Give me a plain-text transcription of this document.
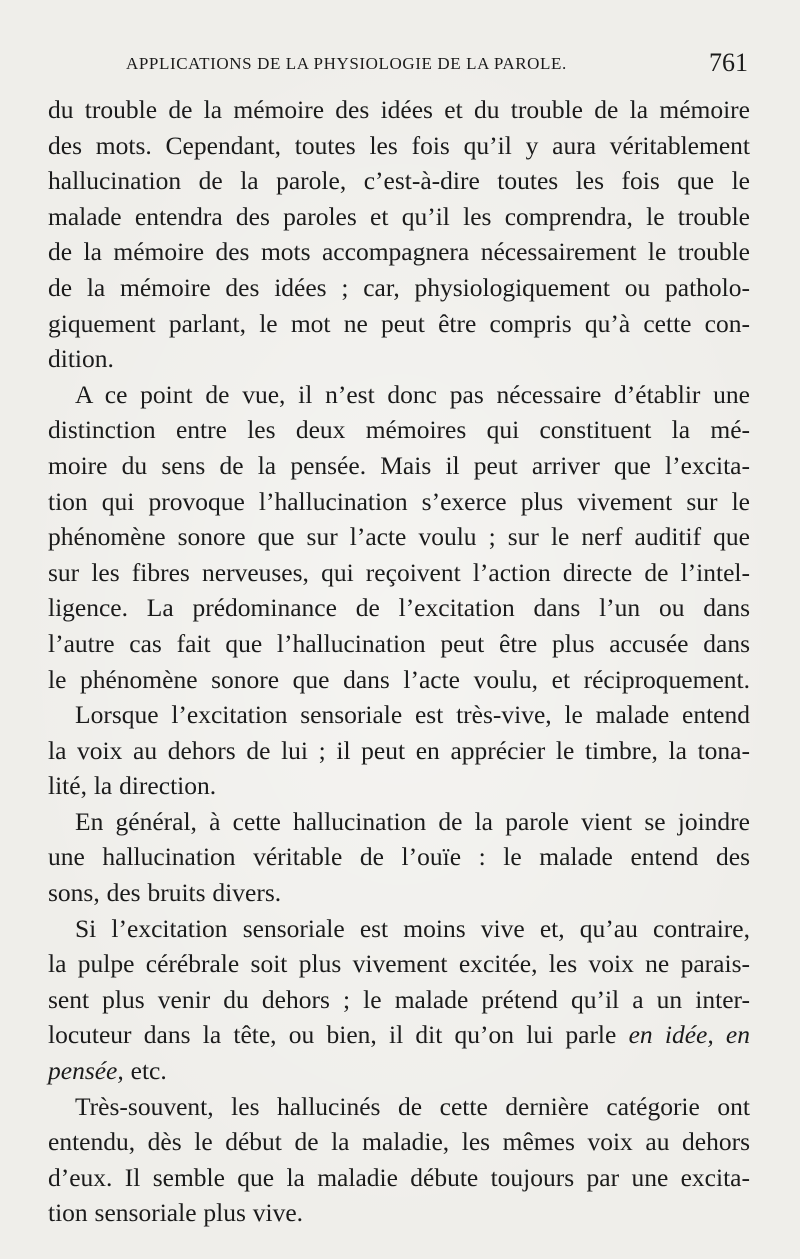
APPLICATIONS DE LA PHYSIOLOGIE DE LA PAROLE.	761

du trouble de la mémoire des idées et du trouble de la mémoire
des mots. Cependant, toutes les fois qu’il y aura véritablement
hallucination de la parole, c’est-à-dire toutes les fois que le
malade entendra des paroles et qu’il les comprendra, le trouble
de la mémoire des mots accompagnera nécessairement le trouble
de la mémoire des idées ; car, physiologiquement ou patholo-
giquement parlant, le mot ne peut être compris qu’à cette con-
dition.

A ce point de vue, il n’est donc pas nécessaire d’établir une
distinction entre les deux mémoires qui constituent la mé-
moire du sens de la pensée. Mais il peut arriver que l’excita-
tion qui provoque l’hallucination s’exerce plus vivement sur le
phénomène sonore que sur l’acte voulu ; sur le nerf auditif que
sur les fibres nerveuses, qui reçoivent l’action directe de l’intel-
ligence. La prédominance de l’excitation dans l’un ou dans
l’autre cas fait que l’hallucination peut être plus accusée dans
le phénomène sonore que dans l’acte voulu, et réciproquement.

Lorsque l’excitation sensoriale est très-vive, le malade entend
la voix au dehors de lui ; il peut en apprécier le timbre, la tona-
lité, la direction.

En général, à cette hallucination de la parole vient se joindre
une hallucination véritable de l’ouïe : le malade entend des
sons, des bruits divers.

Si l’excitation sensoriale est moins vive et, qu’au contraire,
la pulpe cérébrale soit plus vivement excitée, les voix ne parais-
sent plus venir du dehors ; le malade prétend qu’il a un inter-
locuteur dans la tête, ou bien, il dit qu’on lui parle en idée, en
pensée, etc.

Très-souvent, les hallucinés de cette dernière catégorie ont
entendu, dès le début de la maladie, les mêmes voix au dehors
d’eux. Il semble que la maladie débute toujours par une excita-
tion sensoriale plus vive.
